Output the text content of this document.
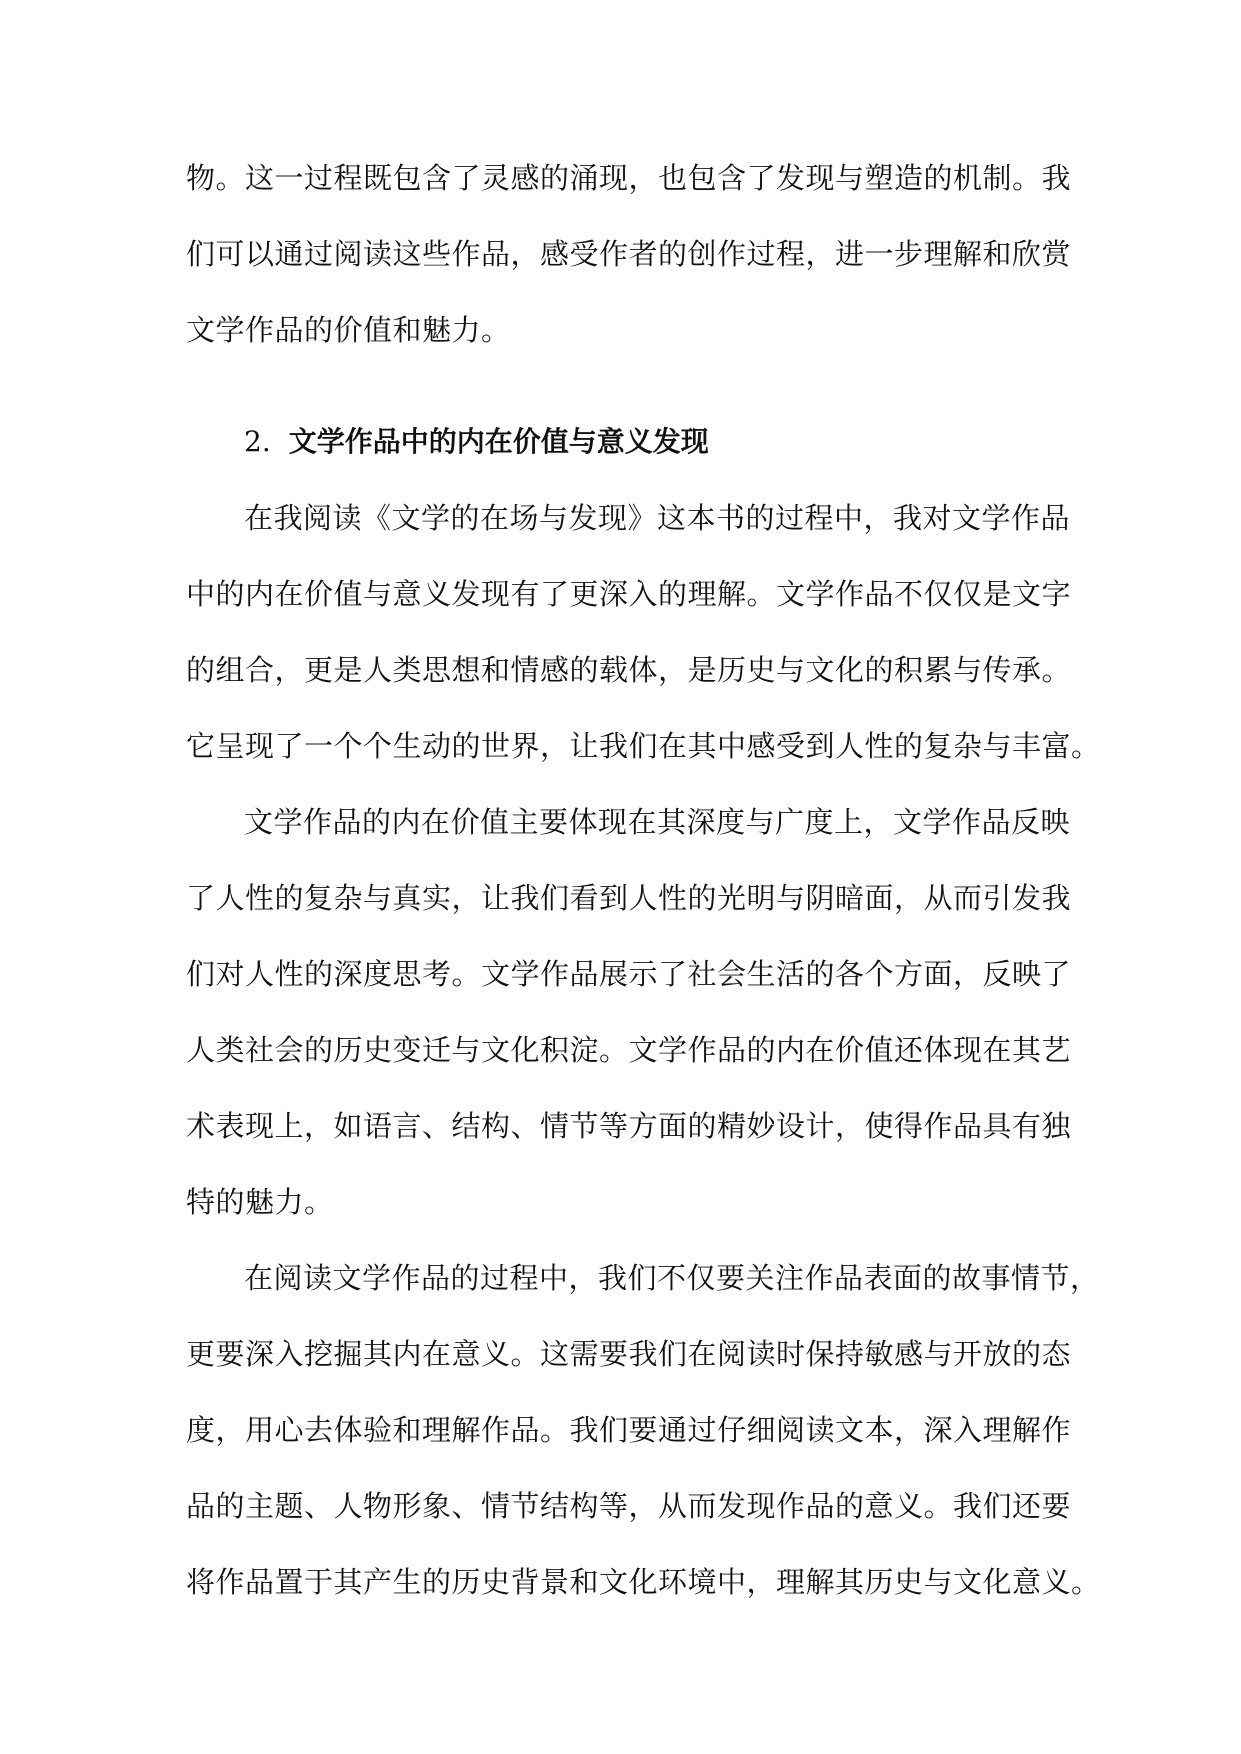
物。这一过程既包含了灵感的涌现，也包含了发现与塑造的机制。我
们可以通过阅读这些作品，感受作者的创作过程，进一步理解和欣赏
文学作品的价值和魅力。
2. 文学作品中的内在价值与意义发现
在我阅读《文学的在场与发现》这本书的过程中，我对文学作品
中的内在价值与意义发现有了更深入的理解。文学作品不仅仅是文字
的组合，更是人类思想和情感的载体，是历史与文化的积累与传承。
它呈现了一个个生动的世界，让我们在其中感受到人性的复杂与丰富。
文学作品的内在价值主要体现在其深度与广度上，文学作品反映
了人性的复杂与真实，让我们看到人性的光明与阴暗面，从而引发我
们对人性的深度思考。文学作品展示了社会生活的各个方面，反映了
人类社会的历史变迁与文化积淀。文学作品的内在价值还体现在其艺
术表现上，如语言、结构、情节等方面的精妙设计，使得作品具有独
特的魅力。
在阅读文学作品的过程中，我们不仅要关注作品表面的故事情节，
更要深入挖掘其内在意义。这需要我们在阅读时保持敏感与开放的态
度，用心去体验和理解作品。我们要通过仔细阅读文本，深入理解作
品的主题、人物形象、情节结构等，从而发现作品的意义。我们还要
将作品置于其产生的历史背景和文化环境中，理解其历史与文化意义。
